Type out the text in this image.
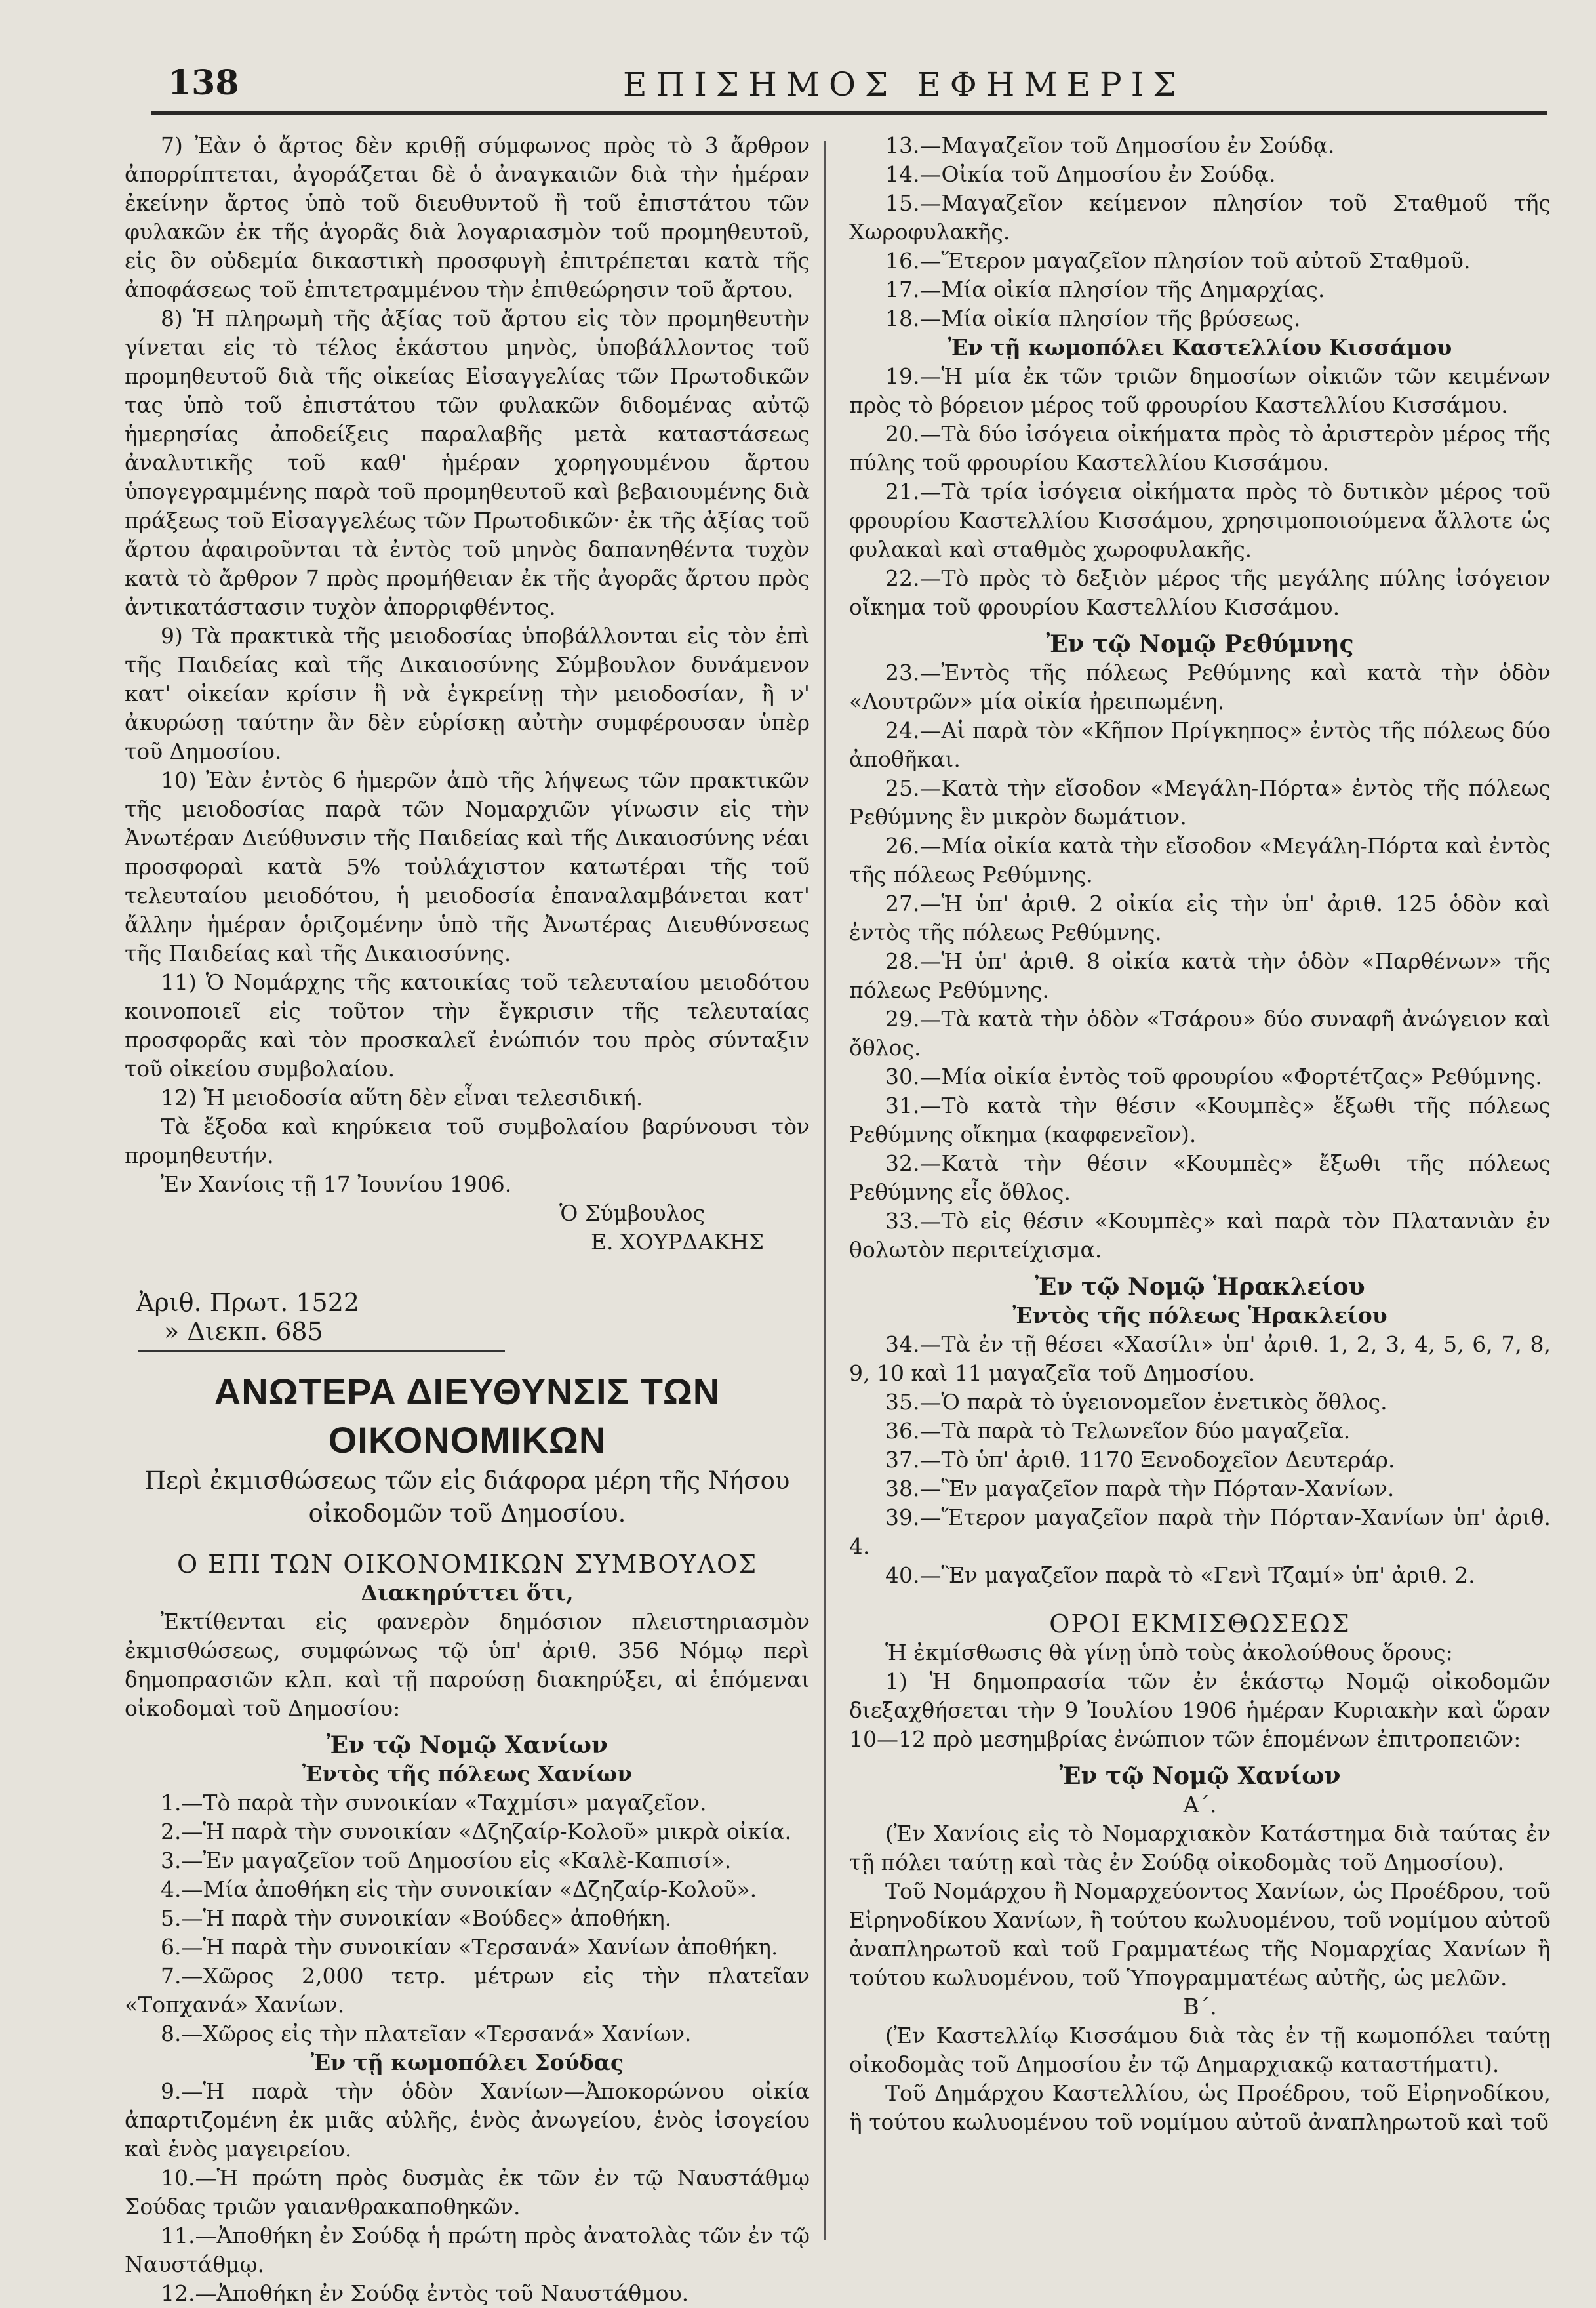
138	ΕΠΙΣΗΜΟΣ ΕΦΗΜΕΡΙΣ

7) Ἐὰν ὁ ἄρτος δὲν κριθῇ σύμφωνος πρὸς τὸ 3 ἄρθρον ἀπορρίπτεται, ἀγοράζεται δὲ ὁ ἀναγκαιῶν διὰ τὴν ἡμέραν ἐκείνην ἄρτος ὑπὸ τοῦ διευθυντοῦ ἢ τοῦ ἐπιστάτου τῶν φυλακῶν ἐκ τῆς ἀγορᾶς διὰ λογαριασμὸν τοῦ προμηθευτοῦ, εἰς ὃν οὐδεμία δικαστικὴ προσφυγὴ ἐπιτρέπεται κατὰ τῆς ἀποφάσεως τοῦ ἐπιτετραμμένου τὴν ἐπιθεώρησιν τοῦ ἄρτου.

8) Ἡ πληρωμὴ τῆς ἀξίας τοῦ ἄρτου εἰς τὸν προμηθευτὴν γίνεται εἰς τὸ τέλος ἑκάστου μηνὸς, ὑποβάλλοντος τοῦ προμηθευτοῦ διὰ τῆς οἰκείας Εἰσαγγελίας τῶν Πρωτοδικῶν τας ὑπὸ τοῦ ἐπιστάτου τῶν φυλακῶν διδομένας αὐτῷ ἡμερησίας ἀποδείξεις παραλαβῆς μετὰ καταστάσεως ἀναλυτικῆς τοῦ καθ' ἡμέραν χορηγουμένου ἄρτου ὑπογεγραμμένης παρὰ τοῦ προμηθευτοῦ καὶ βεβαιουμένης διὰ πράξεως τοῦ Εἰσαγγελέως τῶν Πρωτοδικῶν· ἐκ τῆς ἀξίας τοῦ ἄρτου ἀφαιροῦνται τὰ ἐντὸς τοῦ μηνὸς δαπανηθέντα τυχὸν κατὰ τὸ ἄρθρον 7 πρὸς προμήθειαν ἐκ τῆς ἀγορᾶς ἄρτου πρὸς ἀντικατάστασιν τυχὸν ἀπορριφθέντος.

9) Τὰ πρακτικὰ τῆς μειοδοσίας ὑποβάλλονται εἰς τὸν ἐπὶ τῆς Παιδείας καὶ τῆς Δικαιοσύνης Σύμβουλον δυνάμενον κατ' οἰκείαν κρίσιν ἢ νὰ ἐγκρείνῃ τὴν μειοδοσίαν, ἢ ν' ἀκυρώσῃ ταύτην ἂν δὲν εὑρίσκῃ αὐτὴν συμφέρουσαν ὑπὲρ τοῦ Δημοσίου.

10) Ἐὰν ἐντὸς 6 ἡμερῶν ἀπὸ τῆς λήψεως τῶν πρακτικῶν τῆς μειοδοσίας παρὰ τῶν Νομαρχιῶν γίνωσιν εἰς τὴν Ἀνωτέραν Διεύθυνσιν τῆς Παιδείας καὶ τῆς Δικαιοσύνης νέαι προσφοραὶ κατὰ 5% τοὐλάχιστον κατωτέραι τῆς τοῦ τελευταίου μειοδότου, ἡ μειοδοσία ἐπαναλαμβάνεται κατ' ἄλλην ἡμέραν ὁριζομένην ὑπὸ τῆς Ἀνωτέρας Διευθύνσεως τῆς Παιδείας καὶ τῆς Δικαιοσύνης.

11) Ὁ Νομάρχης τῆς κατοικίας τοῦ τελευταίου μειοδότου κοινοποιεῖ εἰς τοῦτον τὴν ἔγκρισιν τῆς τελευταίας προσφορᾶς καὶ τὸν προσκαλεῖ ἐνώπιόν του πρὸς σύνταξιν τοῦ οἰκείου συμβολαίου.

12) Ἡ μειοδοσία αὕτη δὲν εἶναι τελεσιδική.

Τὰ ἔξοδα καὶ κηρύκεια τοῦ συμβολαίου βαρύνουσι τὸν προμηθευτήν.

Ἐν Χανίοις τῇ 17 Ἰουνίου 1906.

Ὁ Σύμβουλος

Ε. ΧΟΥΡΔΑΚΗΣ

Ἀριθ. Πρωτ. 1522

» Διεκπ. 685

ΑΝΩΤΕΡΑ ΔΙΕΥΘΥΝΣΙΣ ΤΩΝ ΟΙΚΟΝΟΜΙΚΩΝ

Περὶ ἐκμισθώσεως τῶν εἰς διάφορα μέρη τῆς Νήσου οἰκοδομῶν τοῦ Δημοσίου.

Ο ΕΠΙ ΤΩΝ ΟΙΚΟΝΟΜΙΚΩΝ ΣΥΜΒΟΥΛΟΣ

Διακηρύττει ὅτι,

Ἐκτίθενται εἰς φανερὸν δημόσιον πλειστηριασμὸν ἐκμισθώσεως, συμφώνως τῷ ὑπ' ἀριθ. 356 Νόμῳ περὶ δημοπρασιῶν κλπ. καὶ τῇ παρούσῃ διακηρύξει, αἱ ἑπόμεναι οἰκοδομαὶ τοῦ Δημοσίου:

Ἐν τῷ Νομῷ Χανίων

Ἐντὸς τῆς πόλεως Χανίων

1.—Τὸ παρὰ τὴν συνοικίαν «Ταχμίσι» μαγαζεῖον.

2.—Ἡ παρὰ τὴν συνοικίαν «Δζηζαίρ-Κολοῦ» μικρὰ οἰκία.

3.—Ἐν μαγαζεῖον τοῦ Δημοσίου εἰς «Καλὲ-Καπισί».

4.—Μία ἀποθήκη εἰς τὴν συνοικίαν «Δζηζαίρ-Κολοῦ».

5.—Ἡ παρὰ τὴν συνοικίαν «Βούδες» ἀποθήκη.

6.—Ἡ παρὰ τὴν συνοικίαν «Τερσανά» Χανίων ἀποθήκη.

7.—Χῶρος 2,000 τετρ. μέτρων εἰς τὴν πλατεῖαν «Τοπχανά» Χανίων.

8.—Χῶρος εἰς τὴν πλατεῖαν «Τερσανά» Χανίων.

Ἐν τῇ κωμοπόλει Σούδας

9.—Ἡ παρὰ τὴν ὁδὸν Χανίων—Ἀποκορώνου οἰκία ἀπαρτιζομένη ἐκ μιᾶς αὐλῆς, ἑνὸς ἀνωγείου, ἑνὸς ἰσογείου καὶ ἑνὸς μαγειρείου.

10.—Ἡ πρώτη πρὸς δυσμὰς ἐκ τῶν ἐν τῷ Ναυστάθμῳ Σούδας τριῶν γαιανθρακαποθηκῶν.

11.—Ἀποθήκη ἐν Σούδᾳ ἡ πρώτη πρὸς ἀνατολὰς τῶν ἐν τῷ Ναυστάθμῳ.

12.—Ἀποθήκη ἐν Σούδᾳ ἐντὸς τοῦ Ναυστάθμου.

13.—Μαγαζεῖον τοῦ Δημοσίου ἐν Σούδᾳ.

14.—Οἰκία τοῦ Δημοσίου ἐν Σούδᾳ.

15.—Μαγαζεῖον κείμενον πλησίον τοῦ Σταθμοῦ τῆς Χωροφυλακῆς.

16.—Ἕτερον μαγαζεῖον πλησίον τοῦ αὐτοῦ Σταθμοῦ.

17.—Μία οἰκία πλησίον τῆς Δημαρχίας.

18.—Μία οἰκία πλησίον τῆς βρύσεως.

Ἐν τῇ κωμοπόλει Καστελλίου Κισσάμου

19.—Ἡ μία ἐκ τῶν τριῶν δημοσίων οἰκιῶν τῶν κειμένων πρὸς τὸ βόρειον μέρος τοῦ φρουρίου Καστελλίου Κισσάμου.

20.—Τὰ δύο ἰσόγεια οἰκήματα πρὸς τὸ ἀριστερὸν μέρος τῆς πύλης τοῦ φρουρίου Καστελλίου Κισσάμου.

21.—Τὰ τρία ἰσόγεια οἰκήματα πρὸς τὸ δυτικὸν μέρος τοῦ φρουρίου Καστελλίου Κισσάμου, χρησιμοποιούμενα ἄλλοτε ὡς φυλακαὶ καὶ σταθμὸς χωροφυλακῆς.

22.—Τὸ πρὸς τὸ δεξιὸν μέρος τῆς μεγάλης πύλης ἰσόγειον οἴκημα τοῦ φρουρίου Καστελλίου Κισσάμου.

Ἐν τῷ Νομῷ Ρεθύμνης

23.—Ἐντὸς τῆς πόλεως Ρεθύμνης καὶ κατὰ τὴν ὁδὸν «Λουτρῶν» μία οἰκία ἠρειπωμένη.

24.—Αἱ παρὰ τὸν «Κῆπον Πρίγκηπος» ἐντὸς τῆς πόλεως δύο ἀποθῆκαι.

25.—Κατὰ τὴν εἴσοδον «Μεγάλη-Πόρτα» ἐντὸς τῆς πόλεως Ρεθύμνης ἓν μικρὸν δωμάτιον.

26.—Μία οἰκία κατὰ τὴν εἴσοδον «Μεγάλη-Πόρτα καὶ ἐντὸς τῆς πόλεως Ρεθύμνης.

27.—Ἡ ὑπ' ἀριθ. 2 οἰκία εἰς τὴν ὑπ' ἀριθ. 125 ὁδὸν καὶ ἐντὸς τῆς πόλεως Ρεθύμνης.

28.—Ἡ ὑπ' ἀριθ. 8 οἰκία κατὰ τὴν ὁδὸν «Παρθένων» τῆς πόλεως Ρεθύμνης.

29.—Τὰ κατὰ τὴν ὁδὸν «Τσάρου» δύο συναφῆ ἀνώγειον καὶ ὄθλος.

30.—Μία οἰκία ἐντὸς τοῦ φρουρίου «Φορτέτζας» Ρεθύμνης.

31.—Τὸ κατὰ τὴν θέσιν «Κουμπὲς» ἔξωθι τῆς πόλεως Ρεθύμνης οἴκημα (καφφενεῖον).

32.—Κατὰ τὴν θέσιν «Κουμπὲς» ἔξωθι τῆς πόλεως Ρεθύμνης εἷς ὄθλος.

33.—Τὸ εἰς θέσιν «Κουμπὲς» καὶ παρὰ τὸν Πλατανιὰν ἐν θολωτὸν περιτείχισμα.

Ἐν τῷ Νομῷ Ἡρακλείου

Ἐντὸς τῆς πόλεως Ἡρακλείου

34.—Τὰ ἐν τῇ θέσει «Χασίλι» ὑπ' ἀριθ. 1, 2, 3, 4, 5, 6, 7, 8, 9, 10 καὶ 11 μαγαζεῖα τοῦ Δημοσίου.

35.—Ὁ παρὰ τὸ ὑγειονομεῖον ἐνετικὸς ὄθλος.

36.—Τὰ παρὰ τὸ Τελωνεῖον δύο μαγαζεῖα.

37.—Τὸ ὑπ' ἀριθ. 1170 Ξενοδοχεῖον Δευτεράρ.

38.—Ἓν μαγαζεῖον παρὰ τὴν Πόρταν-Χανίων.

39.—Ἕτερον μαγαζεῖον παρὰ τὴν Πόρταν-Χανίων ὑπ' ἀριθ. 4.

40.—Ἓν μαγαζεῖον παρὰ τὸ «Γενὶ Τζαμί» ὑπ' ἀριθ. 2.

ΟΡΟΙ ΕΚΜΙΣΘΩΣΕΩΣ

Ἡ ἐκμίσθωσις θὰ γίνῃ ὑπὸ τοὺς ἀκολούθους ὅρους:

1) Ἡ δημοπρασία τῶν ἐν ἑκάστῳ Νομῷ οἰκοδομῶν διεξαχθήσεται τὴν 9 Ἰουλίου 1906 ἡμέραν Κυριακὴν καὶ ὥραν 10—12 πρὸ μεσημβρίας ἐνώπιον τῶν ἑπομένων ἐπιτροπειῶν:

Ἐν τῷ Νομῷ Χανίων

Α΄.

(Ἐν Χανίοις εἰς τὸ Νομαρχιακὸν Κατάστημα διὰ ταύτας ἐν τῇ πόλει ταύτῃ καὶ τὰς ἐν Σούδᾳ οἰκοδομὰς τοῦ Δημοσίου).

Τοῦ Νομάρχου ἢ Νομαρχεύοντος Χανίων, ὡς Προέδρου, τοῦ Εἰρηνοδίκου Χανίων, ἢ τούτου κωλυομένου, τοῦ νομίμου αὐτοῦ ἀναπληρωτοῦ καὶ τοῦ Γραμματέως τῆς Νομαρχίας Χανίων ἢ τούτου κωλυομένου, τοῦ Ὑπογραμματέως αὐτῆς, ὡς μελῶν.

Β΄.

(Ἐν Καστελλίῳ Κισσάμου διὰ τὰς ἐν τῇ κωμοπόλει ταύτῃ οἰκοδομὰς τοῦ Δημοσίου ἐν τῷ Δημαρχιακῷ καταστήματι).

Τοῦ Δημάρχου Καστελλίου, ὡς Προέδρου, τοῦ Εἰρηνοδίκου, ἢ τούτου κωλυομένου τοῦ νομίμου αὐτοῦ ἀναπληρωτοῦ καὶ τοῦ
